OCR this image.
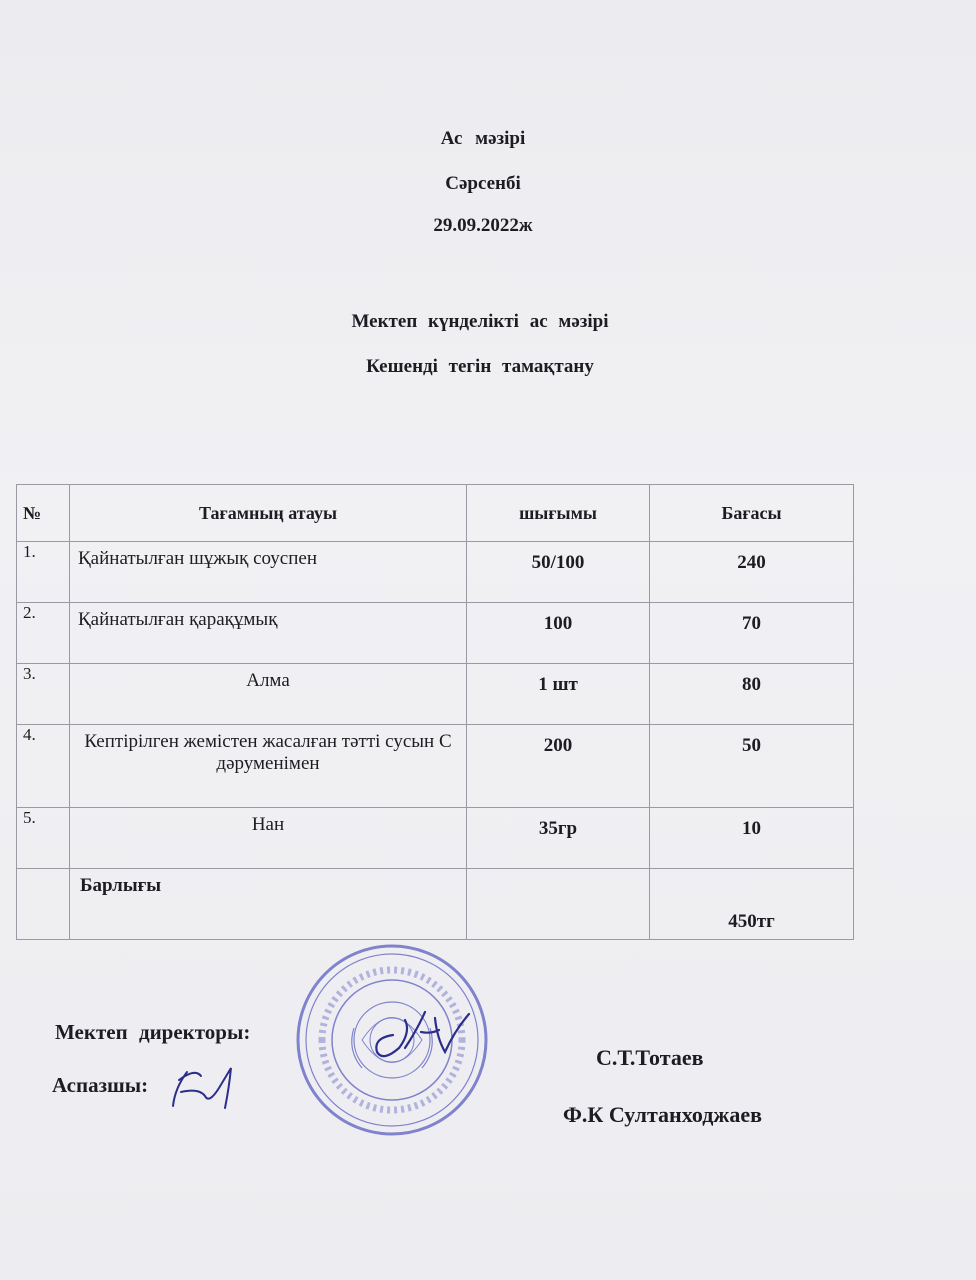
Ас мәзірі
Сәрсенбі
29.09.2022ж
Мектеп күнделікті ас мәзірі
Кешенді тегін тамақтану
№	Тағамның атауы	шығымы	Бағасы
1.	Қайнатылған шұжық соуспен	50/100	240
2.	Қайнатылған қарақұмық	100	70
3.	Алма	1 шт	80
4.	Кептірілген жемістен жасалған тәтті сусын С дәруменімен	200	50
5.	Нан	35гр	10
	Барлығы		450тг
Мектеп директоры:
Аспазшы:
С.Т.Тотаев
Ф.К Султанходжаев
